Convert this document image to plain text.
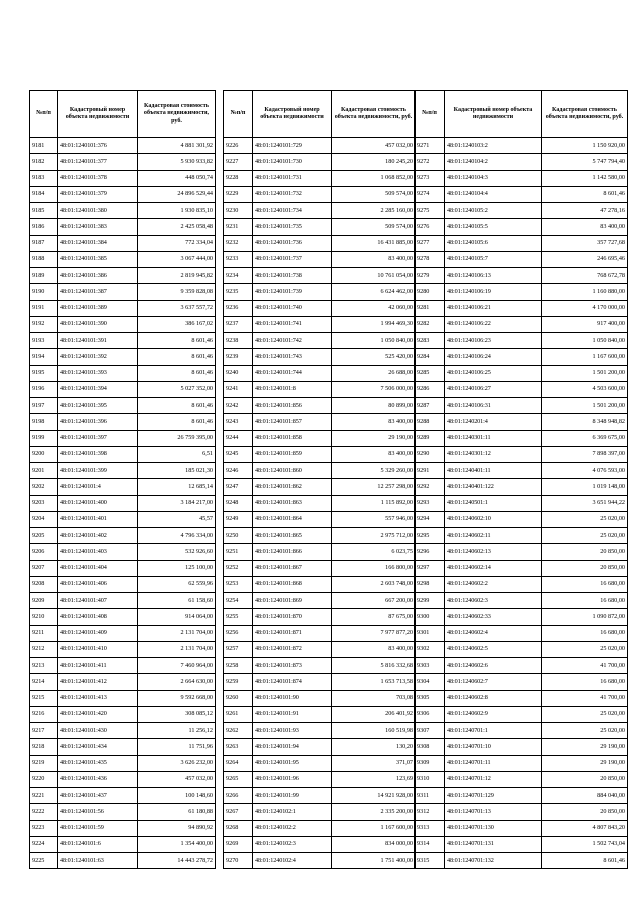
№п/п	Кадастровый номер объекта недвижимости	Кадастровая стоимость объекта недвижимости, руб.
9181	48:01:1240101:376	4 881 301,92
9182	48:01:1240101:377	5 930 933,82
9183	48:01:1240101:378	448 050,74
9184	48:01:1240101:379	24 896 529,44
9185	48:01:1240101:380	1 930 835,10
9186	48:01:1240101:383	2 425 058,48
9187	48:01:1240101:384	772 334,04
9188	48:01:1240101:385	3 067 444,00
9189	48:01:1240101:386	2 819 945,82
9190	48:01:1240101:387	9 359 828,08
9191	48:01:1240101:389	3 637 557,72
9192	48:01:1240101:390	386 167,02
9193	48:01:1240101:391	8 601,46
9194	48:01:1240101:392	8 601,46
9195	48:01:1240101:393	8 601,46
9196	48:01:1240101:394	5 027 352,00
9197	48:01:1240101:395	8 601,46
9198	48:01:1240101:396	8 601,46
9199	48:01:1240101:397	26 759 395,00
9200	48:01:1240101:398	6,51
9201	48:01:1240101:399	185 021,30
9202	48:01:1240101:4	12 685,14
9203	48:01:1240101:400	3 184 217,00
9204	48:01:1240101:401	45,57
9205	48:01:1240101:402	4 796 334,00
9206	48:01:1240101:403	532 926,60
9207	48:01:1240101:404	125 100,00
9208	48:01:1240101:406	62 559,96
9209	48:01:1240101:407	61 158,60
9210	48:01:1240101:408	914 064,00
9211	48:01:1240101:409	2 131 704,00
9212	48:01:1240101:410	2 131 704,00
9213	48:01:1240101:411	7 460 964,00
9214	48:01:1240101:412	2 664 630,00
9215	48:01:1240101:413	9 592 668,00
9216	48:01:1240101:420	308 085,12
9217	48:01:1240101:430	11 256,12
9218	48:01:1240101:434	11 751,96
9219	48:01:1240101:435	3 626 232,00
9220	48:01:1240101:436	457 032,00
9221	48:01:1240101:437	100 148,60
9222	48:01:1240101:56	61 180,88
9223	48:01:1240101:59	94 890,92
9224	48:01:1240101:6	1 354 400,00
9225	48:01:1240101:63	14 443 278,72
№п/п	Кадастровый номер объекта недвижимости	Кадастровая стоимость объекта недвижимости, руб.
9226	48:01:1240101:729	457 032,00
9227	48:01:1240101:730	180 245,20
9228	48:01:1240101:731	1 068 852,00
9229	48:01:1240101:732	509 574,00
9230	48:01:1240101:734	2 285 160,00
9231	48:01:1240101:735	509 574,00
9232	48:01:1240101:736	16 431 885,00
9233	48:01:1240101:737	83 400,00
9234	48:01:1240101:738	10 761 054,00
9235	48:01:1240101:739	6 624 462,00
9236	48:01:1240101:740	42 060,00
9237	48:01:1240101:741	1 994 469,30
9238	48:01:1240101:742	1 050 840,00
9239	48:01:1240101:743	525 420,00
9240	48:01:1240101:744	26 688,00
9241	48:01:1240101:8	7 506 000,00
9242	48:01:1240101:856	80 899,00
9243	48:01:1240101:857	83 400,00
9244	48:01:1240101:858	29 190,00
9245	48:01:1240101:859	83 400,00
9246	48:01:1240101:860	5 329 260,00
9247	48:01:1240101:862	12 257 298,00
9248	48:01:1240101:863	1 115 892,00
9249	48:01:1240101:864	557 946,00
9250	48:01:1240101:865	2 975 712,00
9251	48:01:1240101:866	6 023,75
9252	48:01:1240101:867	166 800,00
9253	48:01:1240101:868	2 603 748,00
9254	48:01:1240101:869	667 200,00
9255	48:01:1240101:870	87 675,00
9256	48:01:1240101:871	7 977 877,20
9257	48:01:1240101:872	83 400,00
9258	48:01:1240101:873	5 816 332,68
9259	48:01:1240101:874	1 653 713,58
9260	48:01:1240101:90	703,08
9261	48:01:1240101:91	206 401,92
9262	48:01:1240101:93	160 519,98
9263	48:01:1240101:94	130,20
9264	48:01:1240101:95	371,07
9265	48:01:1240101:96	123,69
9266	48:01:1240101:99	14 921 928,00
9267	48:01:1240102:1	2 335 200,00
9268	48:01:1240102:2	1 167 600,00
9269	48:01:1240102:3	834 000,00
9270	48:01:1240102:4	1 751 400,00
№п/п	Кадастровый номер объекта недвижимости	Кадастровая стоимость объекта недвижимости, руб.
9271	48:01:1240103:2	1 150 920,00
9272	48:01:1240104:2	5 747 794,40
9273	48:01:1240104:3	1 142 580,00
9274	48:01:1240104:4	8 601,46
9275	48:01:1240105:2	47 278,16
9276	48:01:1240105:5	83 400,00
9277	48:01:1240105:6	357 727,68
9278	48:01:1240105:7	246 695,46
9279	48:01:1240106:13	768 672,78
9280	48:01:1240106:19	1 160 880,00
9281	48:01:1240106:21	4 170 000,00
9282	48:01:1240106:22	917 400,00
9283	48:01:1240106:23	1 050 840,00
9284	48:01:1240106:24	1 167 600,00
9285	48:01:1240106:25	1 501 200,00
9286	48:01:1240106:27	4 503 600,00
9287	48:01:1240106:31	1 501 200,00
9288	48:01:1240201:4	8 348 948,82
9289	48:01:1240301:11	6 369 675,00
9290	48:01:1240301:12	7 898 397,00
9291	48:01:1240401:11	4 076 593,00
9292	48:01:1240401:122	1 019 148,00
9293	48:01:1240501:1	3 651 944,22
9294	48:01:1240602:10	25 020,00
9295	48:01:1240602:11	25 020,00
9296	48:01:1240602:13	20 850,00
9297	48:01:1240602:14	20 850,00
9298	48:01:1240602:2	16 680,00
9299	48:01:1240602:3	16 680,00
9300	48:01:1240602:33	1 090 872,00
9301	48:01:1240602:4	16 680,00
9302	48:01:1240602:5	25 020,00
9303	48:01:1240602:6	41 700,00
9304	48:01:1240602:7	16 680,00
9305	48:01:1240602:8	41 700,00
9306	48:01:1240602:9	25 020,00
9307	48:01:1240701:1	25 020,00
9308	48:01:1240701:10	29 190,00
9309	48:01:1240701:11	29 190,00
9310	48:01:1240701:12	20 850,00
9311	48:01:1240701:129	884 040,00
9312	48:01:1240701:13	20 850,00
9313	48:01:1240701:130	4 807 843,20
9314	48:01:1240701:131	1 502 743,04
9315	48:01:1240701:132	8 601,46
